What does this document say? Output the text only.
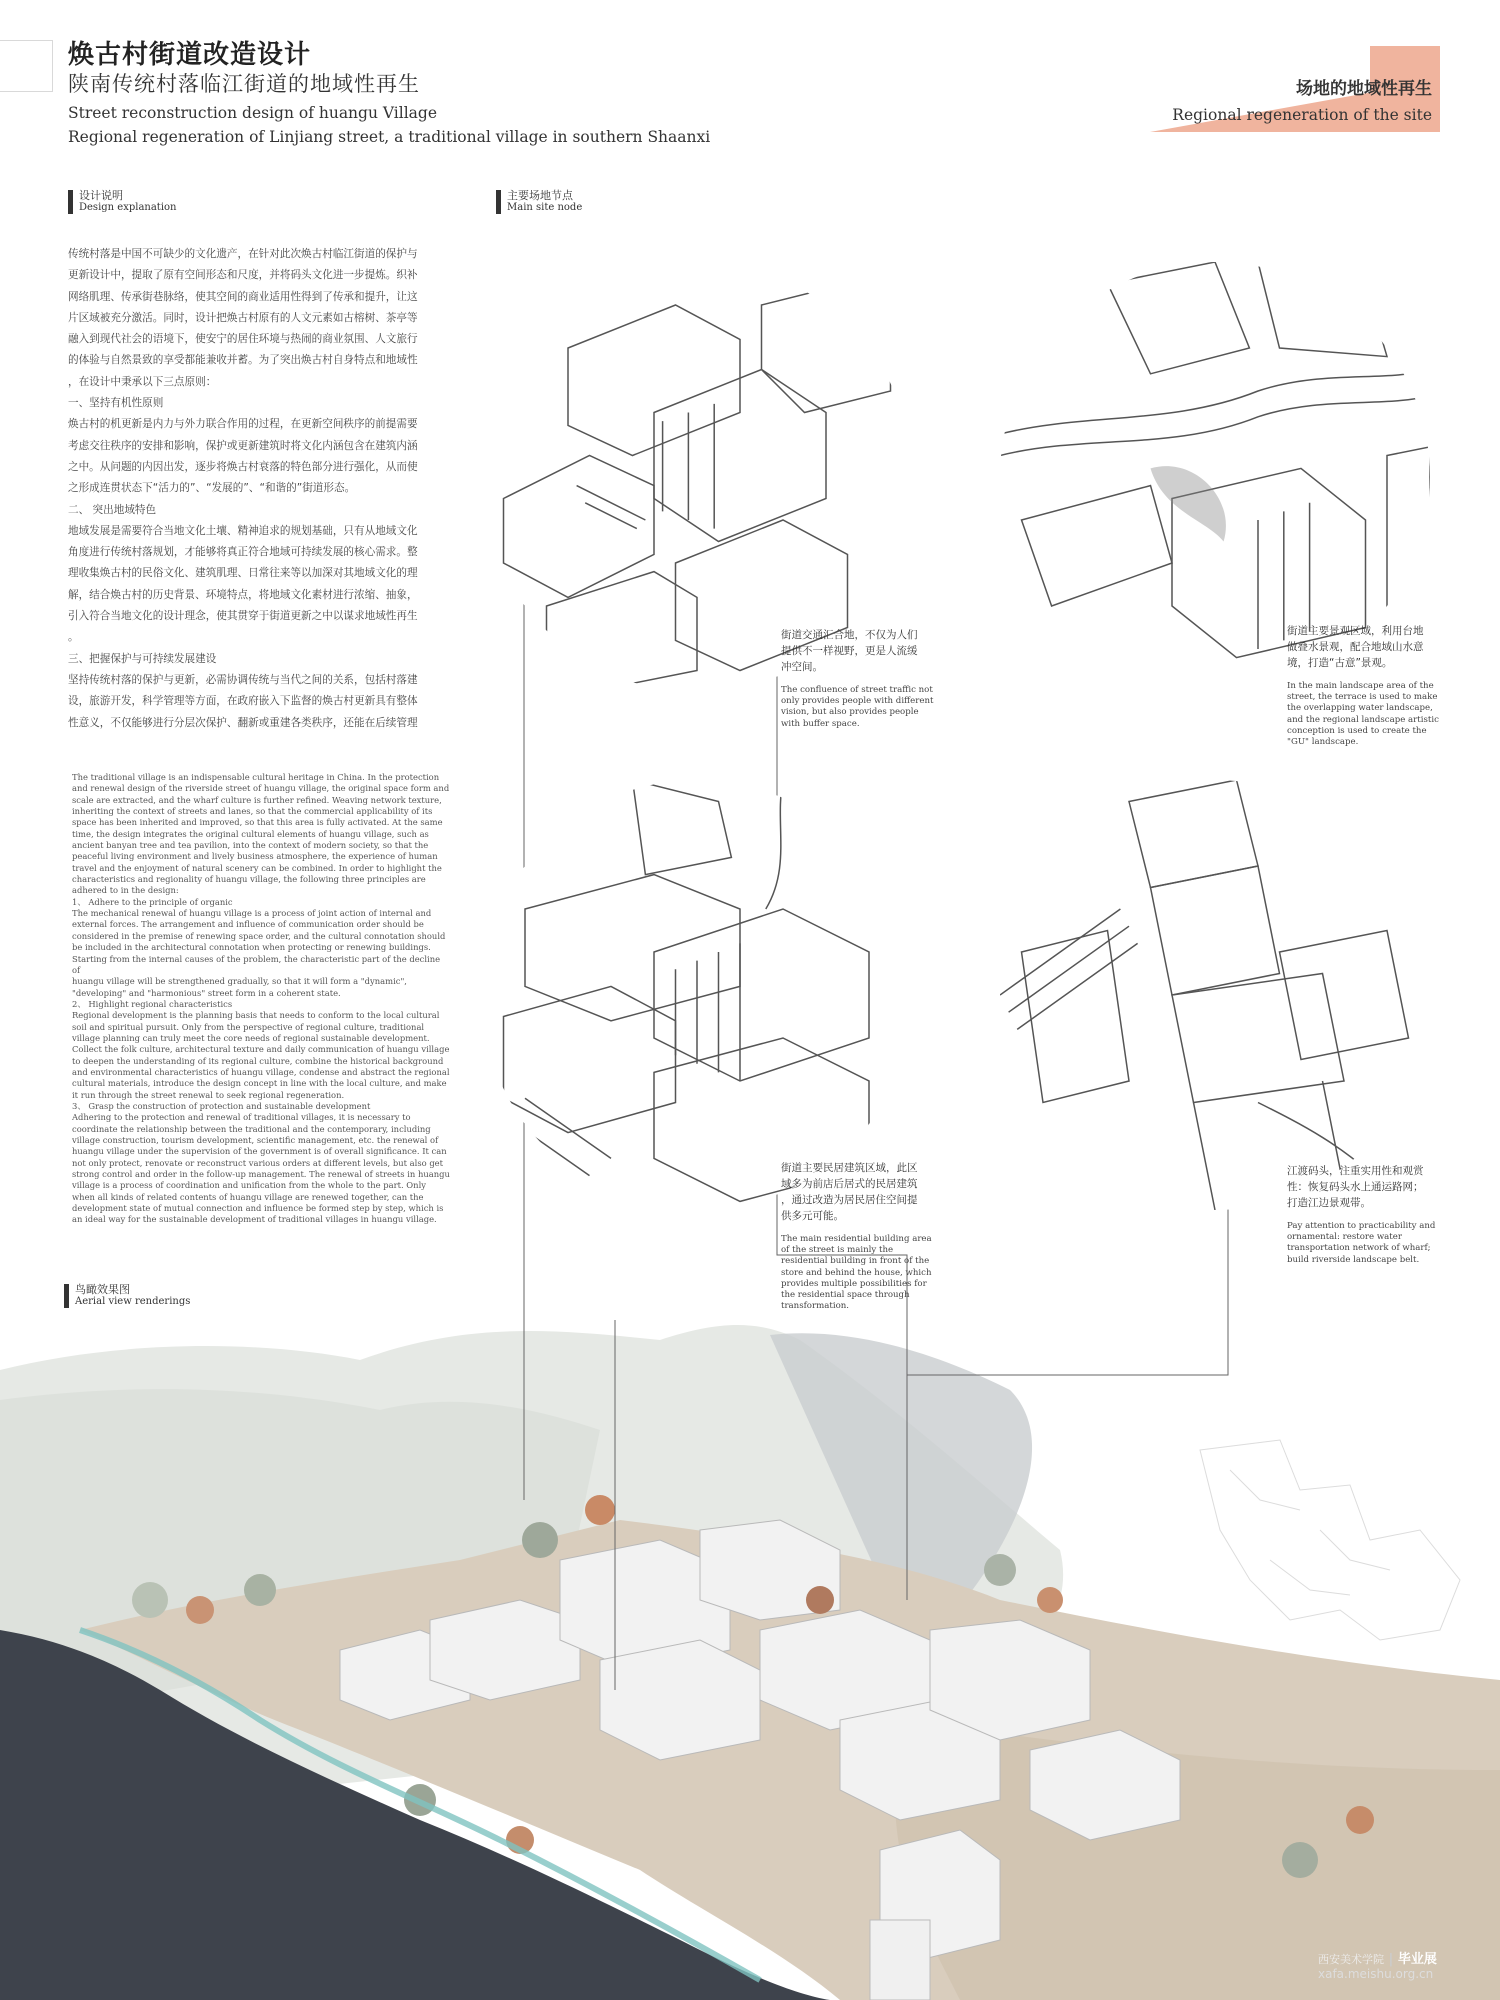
焕古村街道改造设计
陕南传统村落临江街道的地域性再生
Street reconstruction design of huangu Village
Regional regeneration of Linjiang street, a traditional village in southern Shaanxi
场地的地域性再生
Regional regeneration of the site
设计说明
Design explanation

传统村落是中国不可缺少的文化遗产，在针对此次焕古村临江街道的保护与

更新设计中，提取了原有空间形态和尺度，并将码头文化进一步提炼。织补

网络肌理、传承街巷脉络，使其空间的商业适用性得到了传承和提升，让这

片区域被充分激活。同时，设计把焕古村原有的人文元素如古榕树、茶亭等

融入到现代社会的语境下，使安宁的居住环境与热闹的商业氛围、人文旅行

的体验与自然景致的享受都能兼收并蓄。为了突出焕古村自身特点和地域性

，在设计中秉承以下三点原则：

一、坚持有机性原则

焕古村的机更新是内力与外力联合作用的过程，在更新空间秩序的前提需要

考虑交往秩序的安排和影响，保护或更新建筑时将文化内涵包含在建筑内涵

之中。从问题的内因出发，逐步将焕古村衰落的特色部分进行强化，从而使

之形成连贯状态下“活力的”、“发展的”、“和谐的”街道形态。

二、 突出地域特色

地域发展是需要符合当地文化土壤、精神追求的规划基础，只有从地域文化

角度进行传统村落规划，才能够将真正符合地域可持续发展的核心需求。整

理收集焕古村的民俗文化、建筑肌理、日常往来等以加深对其地域文化的理

解，结合焕古村的历史背景、环境特点，将地域文化素材进行浓缩、抽象，

引入符合当地文化的设计理念，使其贯穿于街道更新之中以谋求地域性再生

。

三、把握保护与可持续发展建设

坚持传统村落的保护与更新，必需协调传统与当代之间的关系，包括村落建

设，旅游开发，科学管理等方面，在政府嵌入下监督的焕古村更新具有整体

性意义，不仅能够进行分层次保护、翻新或重建各类秩序，还能在后续管理

The traditional village is an indispensable cultural heritage in China. In the protection

and renewal design of the riverside street of huangu village, the original space form and

scale are extracted, and the wharf culture is further refined. Weaving network texture,

inheriting the context of streets and lanes, so that the commercial applicability of its

space has been inherited and improved, so that this area is fully activated. At the same

time, the design integrates the original cultural elements of huangu village, such as

ancient banyan tree and tea pavilion, into the context of modern society, so that the

peaceful living environment and lively business atmosphere, the experience of human

travel and the enjoyment of natural scenery can be combined. In order to highlight the

characteristics and regionality of huangu village, the following three principles are

adhered to in the design:

1、 Adhere to the principle of organic

The mechanical renewal of huangu village is a process of joint action of internal and

external forces. The arrangement and influence of communication order should be

considered in the premise of renewing space order, and the cultural connotation should

be included in the architectural connotation when protecting or renewing buildings.

Starting from the internal causes of the problem, the characteristic part of the decline of

huangu village will be strengthened gradually, so that it will form a "dynamic",

"developing" and "harmonious" street form in a coherent state.

2、 Highlight regional characteristics

Regional development is the planning basis that needs to conform to the local cultural

soil and spiritual pursuit. Only from the perspective of regional culture, traditional

village planning can truly meet the core needs of regional sustainable development.

Collect the folk culture, architectural texture and daily communication of huangu village

to deepen the understanding of its regional culture, combine the historical background

and environmental characteristics of huangu village, condense and abstract the regional

cultural materials, introduce the design concept in line with the local culture, and make

it run through the street renewal to seek regional regeneration.

3、 Grasp the construction of protection and sustainable development

Adhering to the protection and renewal of traditional villages, it is necessary to

coordinate the relationship between the traditional and the contemporary, including

village construction, tourism development, scientific management, etc. the renewal of

huangu village under the supervision of the government is of overall significance. It can

not only protect, renovate or reconstruct various orders at different levels, but also get

strong control and order in the follow-up management. The renewal of streets in huangu

village is a process of coordination and unification from the whole to the part. Only

when all kinds of related contents of huangu village are renewed together, can the

development state of mutual connection and influence be formed step by step, which is

an ideal way for the sustainable development of traditional villages in huangu village.

主要场地节点
Main site node
鸟瞰效果图
Aerial view renderings
街道交通汇合地，不仅为人们
提供不一样视野，更是人流缓
冲空间。
The confluence of street traffic not
only provides people with different
vision, but also provides people
with buffer space.
街道主要景观区域，利用台地
做叠水景观，配合地域山水意
境，打造“古意”景观。
In the main landscape area of the
street, the terrace is used to make
the overlapping water landscape,
and the regional landscape artistic
conception is used to create the
"GU" landscape.
街道主要民居建筑区域，此区
域多为前店后居式的民居建筑
，通过改造为居民居住空间提
供多元可能。
The main residential building area
of the street is mainly the
residential building in front of the
store and behind the house, which
provides multiple possibilities for
the residential space through
transformation.
江渡码头，注重实用性和观赏
性：恢复码头水上通运路网；
打造江边景观带。
Pay attention to practicability and
ornamental: restore water
transportation network of wharf;
build riverside landscape belt.
西安美术学院 | 毕业展
xafa.meishu.org.cn
